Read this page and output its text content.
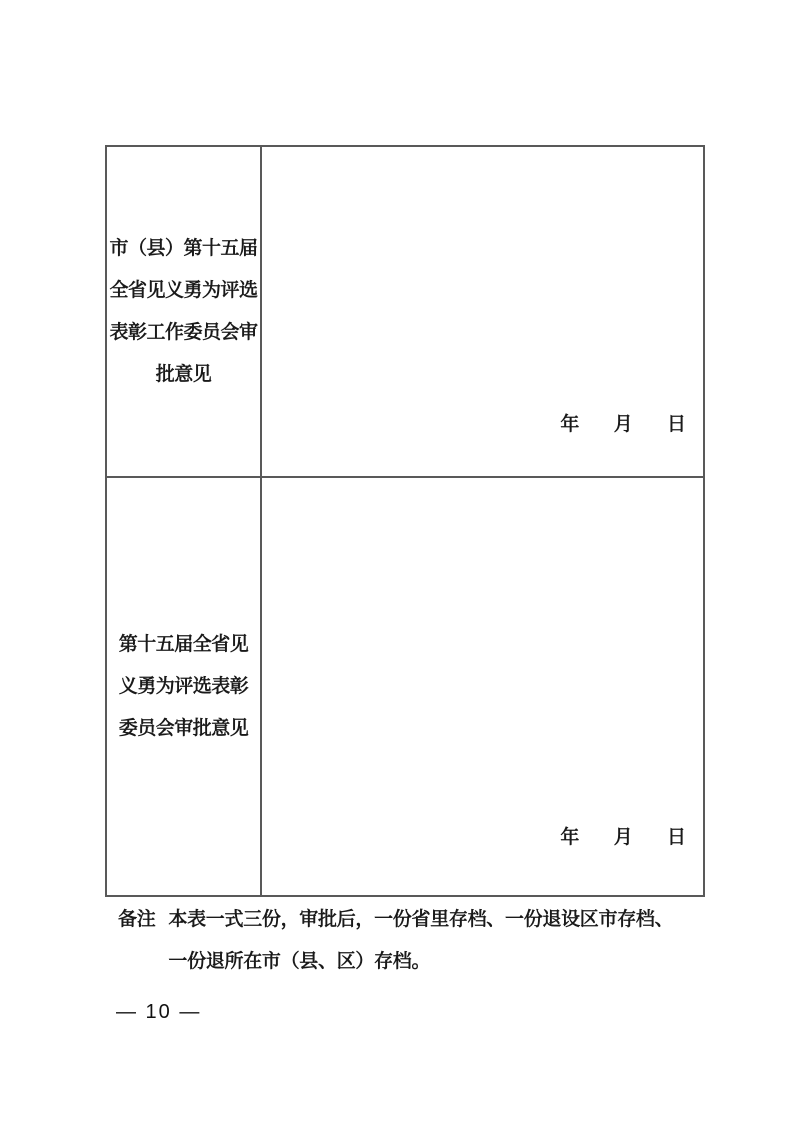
市（县）第十五届
全省见义勇为评选
表彰工作委员会审
批意见
年 月 日
第十五届全省见
义勇为评选表彰
委员会审批意见
年 月 日
备注 本表一式三份，审批后，一份省里存档、一份退设区市存档、
一份退所在市（县、区）存档。
— 10 —
